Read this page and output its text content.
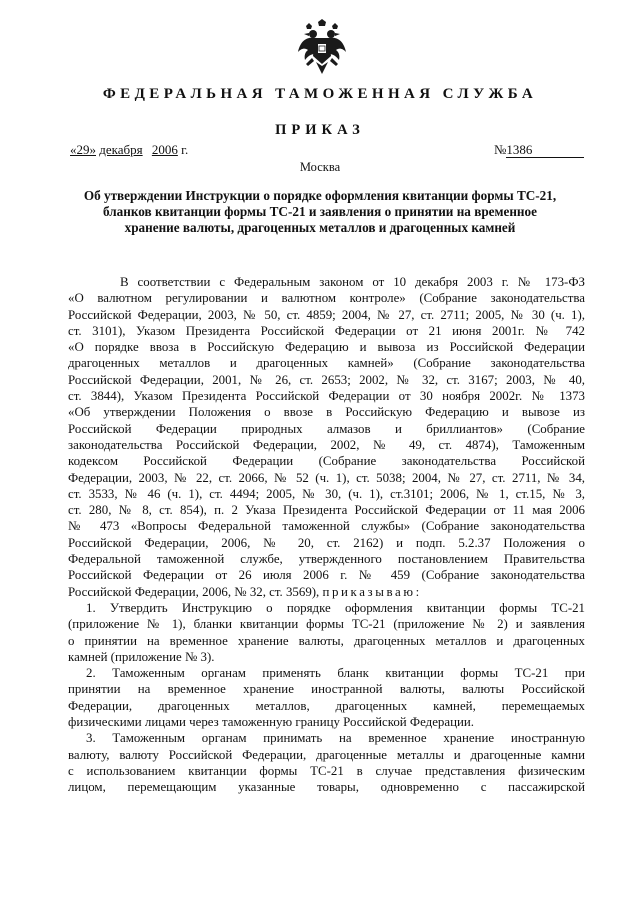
ФЕДЕРАЛЬНАЯ ТАМОЖЕННАЯ СЛУЖБА
ПРИКАЗ
«29» декабря 2006 г.	№1386
Москва
Об утверждении Инструкции о порядке оформления квитанции формы ТС-21,
бланков квитанции формы ТС-21 и заявления о принятии на временное
хранение валюты, драгоценных металлов и драгоценных камней
В соответствии с Федеральным законом от 10 декабря 2003 г. № 173-ФЗ
«О валютном регулировании и валютном контроле» (Собрание законодательства
Российской Федерации, 2003, № 50, ст. 4859; 2004, № 27, ст. 2711; 2005, № 30 (ч. 1),
ст. 3101), Указом Президента Российской Федерации от 21 июня 2001г. № 742
«О порядке ввоза в Российскую Федерацию и вывоза из Российской Федерации
драгоценных металлов и драгоценных камней» (Собрание законодательства
Российской Федерации, 2001, № 26, ст. 2653; 2002, № 32, ст. 3167; 2003, № 40,
ст. 3844), Указом Президента Российской Федерации от 30 ноября 2002г. № 1373
«Об утверждении Положения о ввозе в Российскую Федерацию и вывозе из
Российской Федерации природных алмазов и бриллиантов» (Собрание
законодательства Российской Федерации, 2002, № 49, ст. 4874), Таможенным
кодексом Российской Федерации (Собрание законодательства Российской
Федерации, 2003, № 22, ст. 2066, № 52 (ч. 1), ст. 5038; 2004, № 27, ст. 2711, № 34,
ст. 3533, № 46 (ч. 1), ст. 4494; 2005, № 30, (ч. 1), ст.3101; 2006, № 1, ст.15, № 3,
ст. 280, № 8, ст. 854), п. 2 Указа Президента Российской Федерации от 11 мая 2006
№ 473 «Вопросы Федеральной таможенной службы» (Собрание законодательства
Российской Федерации, 2006, № 20, ст. 2162) и подп. 5.2.37 Положения о
Федеральной таможенной службе, утвержденного постановлением Правительства
Российской Федерации от 26 июля 2006 г. № 459 (Собрание законодательства
Российской Федерации, 2006, № 32, ст. 3569), приказываю:
1. Утвердить Инструкцию о порядке оформления квитанции формы ТС-21
(приложение № 1), бланки квитанции формы ТС-21 (приложение № 2) и заявления
о принятии на временное хранение валюты, драгоценных металлов и драгоценных
камней (приложение № 3).
2. Таможенным органам применять бланк квитанции формы ТС-21 при
принятии на временное хранение иностранной валюты, валюты Российской
Федерации, драгоценных металлов, драгоценных камней, перемещаемых
физическими лицами через таможенную границу Российской Федерации.
3. Таможенным органам принимать на временное хранение иностранную
валюту, валюту Российской Федерации, драгоценные металлы и драгоценные камни
с использованием квитанции формы ТС-21 в случае представления физическим
лицом, перемещающим указанные товары, одновременно с пассажирской
